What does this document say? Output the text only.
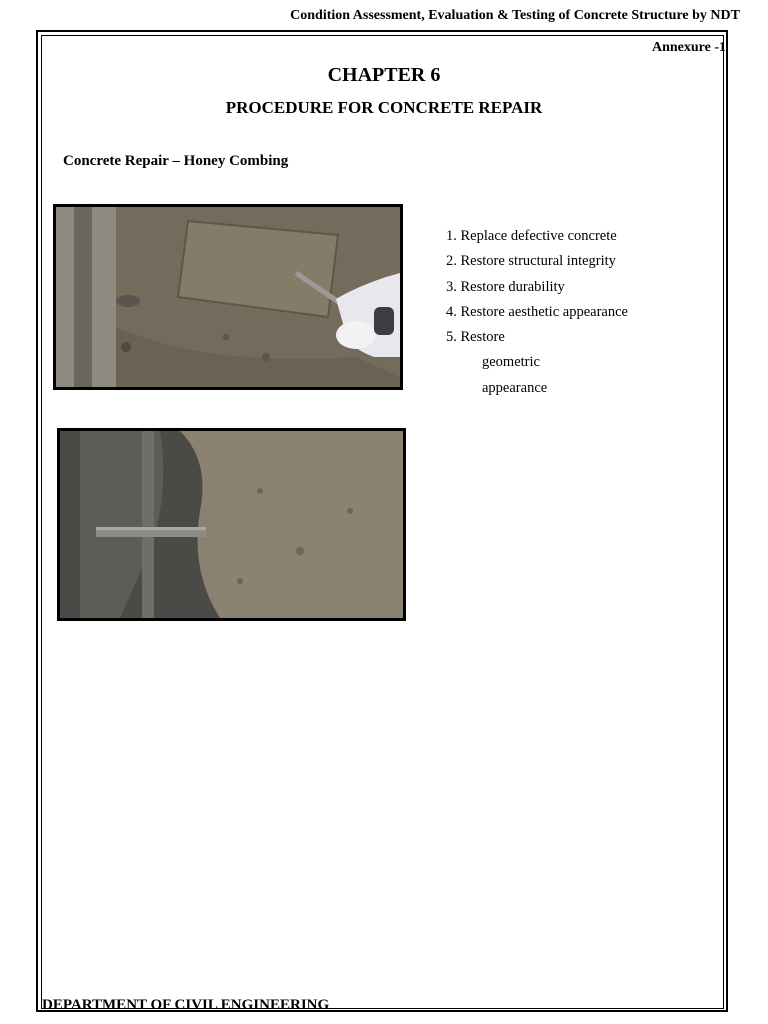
Condition Assessment, Evaluation & Testing of Concrete Structure by NDT
Annexure -1
CHAPTER 6
PROCEDURE FOR CONCRETE REPAIR
Concrete Repair – Honey Combing
1. Replace defective concrete
2. Restore structural integrity
3. Restore durability
4. Restore aesthetic appearance
5. Restore
geometric
appearance
DEPARTMENT OF CIVIL ENGINEERING
